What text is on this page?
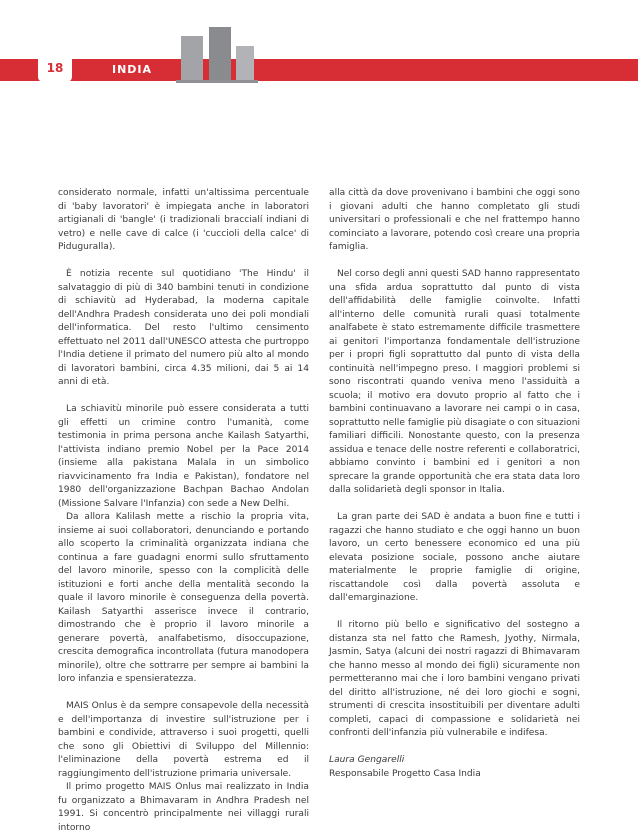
18	INDIA

considerato normale, infatti un'altissima percentuale di 'baby lavoratori' è impiegata anche in laboratori artigianali di 'bangle' (i tradizionali braccialí indiani di vetro) e nelle cave di calce (i 'cuccioli della calce' di Piduguralla).

È notizia recente sul quotidiano 'The Hindu' il salvataggio di più di 340 bambini tenuti in condizione di schiavitù ad Hyderabad, la moderna capitale dell'Andhra Pradesh considerata uno dei poli mondiali dell'informatica. Del resto l'ultimo censimento effettuato nel 2011 dall'UNESCO attesta che purtroppo l'India detiene il primato del numero più alto al mondo di lavoratori bambini, circa 4.35 milioni, dai 5 ai 14 anni di età.

La schiavitù minorile può essere considerata a tutti gli effetti un crimine contro l'umanità, come testimonia in prima persona anche Kailash Satyarthi, l'attivista indiano premio Nobel per la Pace 2014 (insieme alla pakistana Malala in un simbolico riavvicinamento fra India e Pakistan), fondatore nel 1980 dell'organizzazione Bachpan Bachao Andolan (Missione Salvare l'Infanzia) con sede a New Delhi.

Da allora Kalilash mette a rischio la propria vita, insieme ai suoi collaboratori, denunciando e portando allo scoperto la criminalità organizzata indiana che continua a fare guadagni enormi sullo sfruttamento del lavoro minorile, spesso con la complicità delle istituzioni e forti anche della mentalità secondo la quale il lavoro minorile è conseguenza della povertà. Kailash Satyarthi asserisce invece il contrario, dimostrando che è proprio il lavoro minorile a generare povertà, analfabetismo, disoccupazione, crescita demografica incontrollata (futura manodopera minorile), oltre che sottrarre per sempre ai bambini la loro infanzia e spensieratezza.

MAIS Onlus è da sempre consapevole della necessità e dell'importanza di investire sull'istruzione per i bambini e condivide, attraverso i suoi progetti, quelli che sono gli Obiettivi di Sviluppo del Millennio: l'eliminazione della povertà estrema ed il raggiungimento dell'istruzione primaria universale.

Il primo progetto MAIS Onlus mai realizzato in India fu organizzato a Bhimavaram in Andhra Pradesh nel 1991. Si concentrò principalmente nei villaggi rurali intorno

alla città da dove provenivano i bambini che oggi sono i giovani adulti che hanno completato gli studi universitari o professionali e che nel frattempo hanno cominciato a lavorare, potendo così creare una propria famiglia.

Nel corso degli anni questi SAD hanno rappresentato una sfida ardua soprattutto dal punto di vista dell'affidabilità delle famiglie coinvolte. Infatti all'interno delle comunità rurali quasi totalmente analfabete è stato estremamente difficile trasmettere ai genitori l'importanza fondamentale dell'istruzione per i propri figli soprattutto dal punto di vista della continuità nell'impegno preso. I maggiori problemi si sono riscontrati quando veniva meno l'assiduità a scuola; il motivo era dovuto proprio al fatto che i bambini continuavano a lavorare nei campi o in casa, soprattutto nelle famiglie più disagiate o con situazioni familiari difficili. Nonostante questo, con la presenza assidua e tenace delle nostre referenti e collaboratrici, abbiamo convinto i bambini ed i genitori a non sprecare la grande opportunità che era stata data loro dalla solidarietà degli sponsor in Italia.

La gran parte dei SAD è andata a buon fine e tutti i ragazzi che hanno studiato e che oggi hanno un buon lavoro, un certo benessere economico ed una più elevata posizione sociale, possono anche aiutare materialmente le proprie famiglie di origine, riscattandole così dalla povertà assoluta e dall'emarginazione.

Il ritorno più bello e significativo del sostegno a distanza sta nel fatto che Ramesh, Jyothy, Nirmala, Jasmin, Satya (alcuni dei nostri ragazzi di Bhimavaram che hanno messo al mondo dei figli) sicuramente non permetteranno mai che i loro bambini vengano privati del diritto all'istruzione, né dei loro giochi e sogni, strumenti di crescita insostituibili per diventare adulti completi, capaci di compassione e solidarietà nei confronti dell'infanzia più vulnerabile e indifesa.

Laura Gengarelli

Responsabile Progetto Casa India
